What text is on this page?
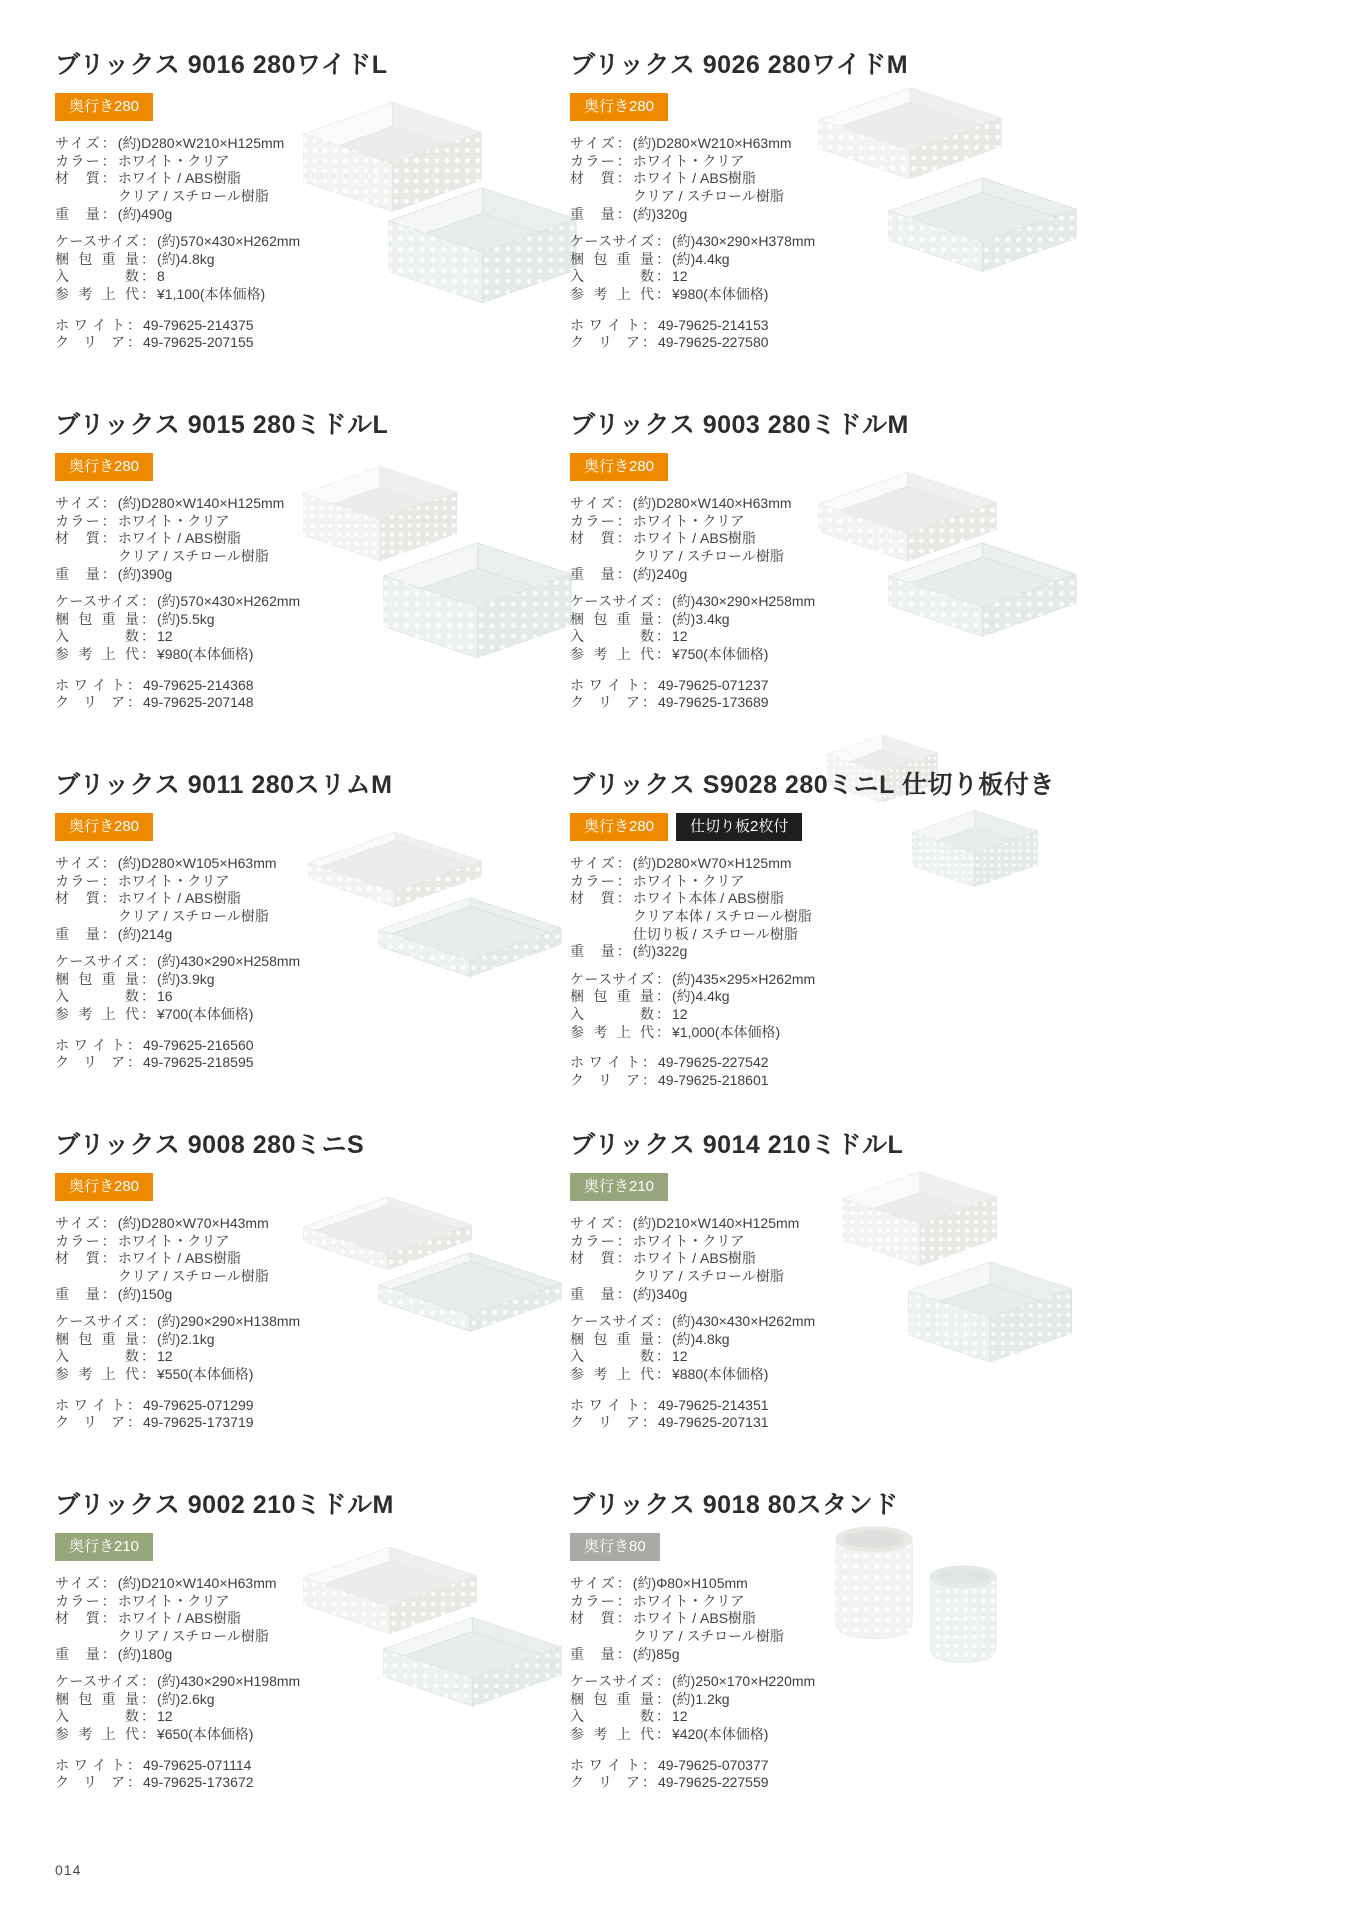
ブリックス 9016 280ワイドL
奥行き280
サイズ ： (約)D280×W210×H125mm
カラー ： ホワイト・クリア
材質 ： ホワイト / ABS樹脂
クリア / スチロール樹脂
重量 ： (約)490g
ケースサイズ ： (約)570×430×H262mm
梱包重量 ： (約)4.8kg
入数 ： 8
参考上代 ： ¥1,100(本体価格)
ホワイト ： 49-79625-214375
クリア ： 49-79625-207155
ブリックス 9026 280ワイドM
奥行き280
サイズ ： (約)D280×W210×H63mm
カラー ： ホワイト・クリア
材質 ： ホワイト / ABS樹脂
クリア / スチロール樹脂
重量 ： (約)320g
ケースサイズ ： (約)430×290×H378mm
梱包重量 ： (約)4.4kg
入数 ： 12
参考上代 ： ¥980(本体価格)
ホワイト ： 49-79625-214153
クリア ： 49-79625-227580
ブリックス 9015 280ミドルL
奥行き280
サイズ ： (約)D280×W140×H125mm
カラー ： ホワイト・クリア
材質 ： ホワイト / ABS樹脂
クリア / スチロール樹脂
重量 ： (約)390g
ケースサイズ ： (約)570×430×H262mm
梱包重量 ： (約)5.5kg
入数 ： 12
参考上代 ： ¥980(本体価格)
ホワイト ： 49-79625-214368
クリア ： 49-79625-207148
ブリックス 9003 280ミドルM
奥行き280
サイズ ： (約)D280×W140×H63mm
カラー ： ホワイト・クリア
材質 ： ホワイト / ABS樹脂
クリア / スチロール樹脂
重量 ： (約)240g
ケースサイズ ： (約)430×290×H258mm
梱包重量 ： (約)3.4kg
入数 ： 12
参考上代 ： ¥750(本体価格)
ホワイト ： 49-79625-071237
クリア ： 49-79625-173689
ブリックス 9011 280スリムM
奥行き280
サイズ ： (約)D280×W105×H63mm
カラー ： ホワイト・クリア
材質 ： ホワイト / ABS樹脂
クリア / スチロール樹脂
重量 ： (約)214g
ケースサイズ ： (約)430×290×H258mm
梱包重量 ： (約)3.9kg
入数 ： 16
参考上代 ： ¥700(本体価格)
ホワイト ： 49-79625-216560
クリア ： 49-79625-218595
ブリックス S9028 280ミニL 仕切り板付き
奥行き280	仕切り板2枚付
サイズ ： (約)D280×W70×H125mm
カラー ： ホワイト・クリア
材質 ： ホワイト本体 / ABS樹脂
クリア本体 / スチロール樹脂
仕切り板 / スチロール樹脂
重量 ： (約)322g
ケースサイズ ： (約)435×295×H262mm
梱包重量 ： (約)4.4kg
入数 ： 12
参考上代 ： ¥1,000(本体価格)
ホワイト ： 49-79625-227542
クリア ： 49-79625-218601
ブリックス 9008 280ミニS
奥行き280
サイズ ： (約)D280×W70×H43mm
カラー ： ホワイト・クリア
材質 ： ホワイト / ABS樹脂
クリア / スチロール樹脂
重量 ： (約)150g
ケースサイズ ： (約)290×290×H138mm
梱包重量 ： (約)2.1kg
入数 ： 12
参考上代 ： ¥550(本体価格)
ホワイト ： 49-79625-071299
クリア ： 49-79625-173719
ブリックス 9014 210ミドルL
奥行き210
サイズ ： (約)D210×W140×H125mm
カラー ： ホワイト・クリア
材質 ： ホワイト / ABS樹脂
クリア / スチロール樹脂
重量 ： (約)340g
ケースサイズ ： (約)430×430×H262mm
梱包重量 ： (約)4.8kg
入数 ： 12
参考上代 ： ¥880(本体価格)
ホワイト ： 49-79625-214351
クリア ： 49-79625-207131
ブリックス 9002 210ミドルM
奥行き210
サイズ ： (約)D210×W140×H63mm
カラー ： ホワイト・クリア
材質 ： ホワイト / ABS樹脂
クリア / スチロール樹脂
重量 ： (約)180g
ケースサイズ ： (約)430×290×H198mm
梱包重量 ： (約)2.6kg
入数 ： 12
参考上代 ： ¥650(本体価格)
ホワイト ： 49-79625-071114
クリア ： 49-79625-173672
ブリックス 9018 80スタンド
奥行き80
サイズ ： (約)Φ80×H105mm
カラー ： ホワイト・クリア
材質 ： ホワイト / ABS樹脂
クリア / スチロール樹脂
重量 ： (約)85g
ケースサイズ ： (約)250×170×H220mm
梱包重量 ： (約)1.2kg
入数 ： 12
参考上代 ： ¥420(本体価格)
ホワイト ： 49-79625-070377
クリア ： 49-79625-227559
014
